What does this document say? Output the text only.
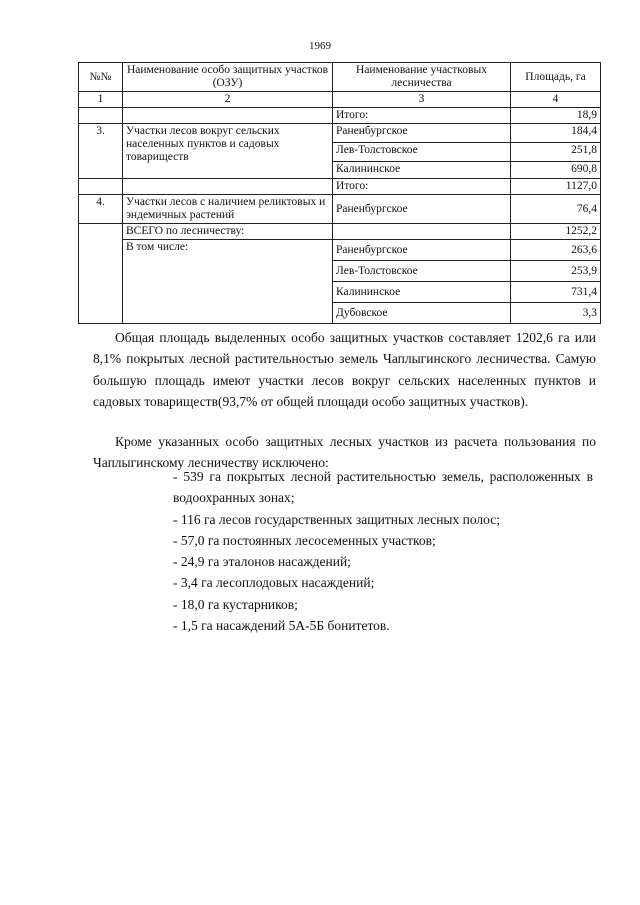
1969
№№	Наименование особо защитных участков (ОЗУ)	Наименование участковых лесничества	Площадь, га
1	2	3	4
		Итого:	18,9
3.	Участки лесов вокруг сельских населенных пунктов и садовых товариществ	Раненбургское	184,4
		Лев-Толстовское	251,8
		Калининское	690,8
		Итого:	1127,0
4.	Участки лесов с наличием реликтовых и эндемичных растений	Раненбургское	76,4
	ВСЕГО по лесничеству:		1252,2
	В том числе:	Раненбургское	263,6
		Лев-Толстовское	253,9
		Калининское	731,4
		Дубовское	3,3

Общая площадь выделенных особо защитных участков составляет 1202,6 га или 8,1% покрытых лесной растительностью земель Чаплыгинского лесничества. Самую большую площадь имеют участки лесов вокруг сельских населенных пунктов и садовых товариществ(93,7% от общей площади особо защитных участков).

Кроме указанных особо защитных лесных участков из расчета пользования по Чаплыгинскому лесничеству исключено:

- 539 га покрытых лесной растительностью земель, расположенных в водоохранных зонах;
- 116 га лесов государственных защитных лесных полос;
- 57,0 га постоянных лесосеменных участков;
- 24,9 га эталонов насаждений;
- 3,4 га лесоплодовых насаждений;
- 18,0 га кустарников;
- 1,5 га насаждений 5А-5Б бонитетов.
